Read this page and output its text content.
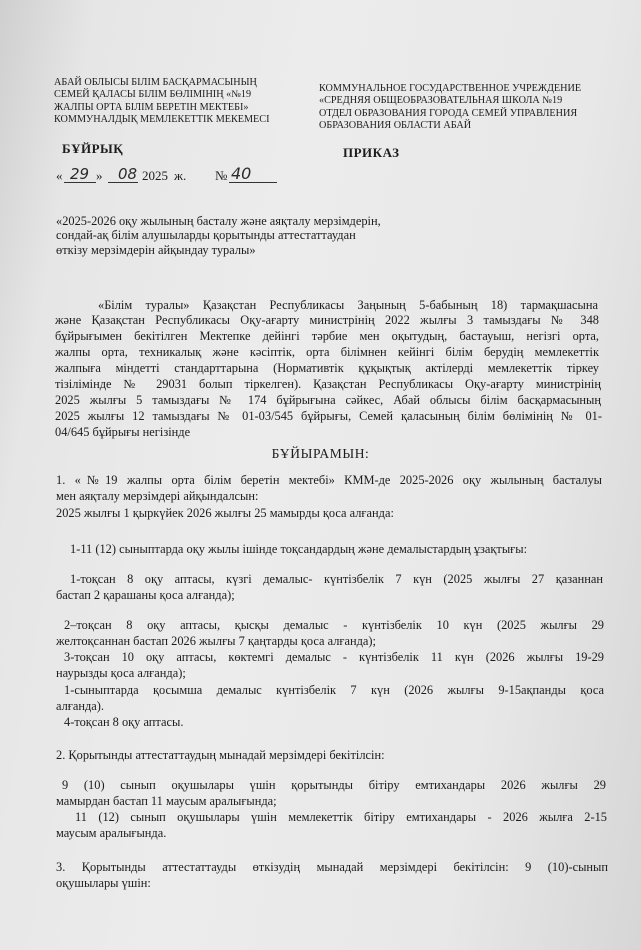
АБАЙ ОБЛЫСЫ БІЛІМ БАСҚАРМАСЫНЫҢ
СЕМЕЙ ҚАЛАСЫ БІЛІМ БӨЛІМІНІҢ «№19
ЖАЛПЫ ОРТА БІЛІМ БЕРЕТІН МЕКТЕБІ»
КОММУНАЛДЫҚ МЕМЛЕКЕТТІК МЕКЕМЕСІ
КОММУНАЛЬНОЕ ГОСУДАРСТВЕННОЕ УЧРЕЖДЕНИЕ
«СРЕДНЯЯ ОБЩЕОБРАЗОВАТЕЛЬНАЯ ШКОЛА №19
ОТДЕЛ ОБРАЗОВАНИЯ ГОРОДА СЕМЕЙ УПРАВЛЕНИЯ
ОБРАЗОВАНИЯ ОБЛАСТИ АБАЙ
БҰЙРЫҚ	ПРИКАЗ
« 29 » 08 2025 ж. № 40
«2025-2026 оқу жылының басталу және аяқталу мерзімдерін,
сондай-ақ білім алушыларды қорытынды аттестаттаудан
өткізу мерзімдерін айқындау туралы»
«Білім туралы» Қазақстан Республикасы Заңының 5-бабының 18) тармақшасына
және Қазақстан Республикасы Оқу-ағарту министрінің 2022 жылғы 3 тамыздағы № 348
бұйрығымен бекітілген Мектепке дейінгі тәрбие мен оқытудың, бастауыш, негізгі орта,
жалпы орта, техникалық және кәсіптік, орта білімнен кейінгі білім берудің мемлекеттік
жалпыға міндетті стандарттарына (Нормативтік құқықтық актілерді мемлекеттік тіркеу
тізілімінде № 29031 болып тіркелген). Қазақстан Республикасы Оқу-ағарту министрінің
2025 жылғы 5 тамыздағы № 174 бұйрығына сәйкес, Абай облысы білім басқармасының
2025 жылғы 12 тамыздағы № 01-03/545 бұйрығы, Семей қаласының білім бөлімінің № 01-
04/645 бұйрығы негізінде
БҰЙЫРАМЫН:
1. «№19 жалпы орта білім беретін мектебі» КММ-де 2025-2026 оқу жылының басталуы
мен аяқталу мерзімдері айқындалсын:
2025 жылғы 1 қыркүйек 2026 жылғы 25 мамырды қоса алғанда:
1-11 (12) сыныптарда оқу жылы ішінде тоқсандардың және демалыстардың ұзақтығы:
1-тоқсан 8 оқу аптасы, күзгі демалыс- күнтізбелік 7 күн (2025 жылғы 27 қазаннан
бастап 2 қарашаны қоса алғанда);
2–тоқсан 8 оқу аптасы, қысқы демалыс - күнтізбелік 10 күн (2025 жылғы 29
желтоқсаннан бастап 2026 жылғы 7 қаңтарды қоса алғанда);
3-тоқсан 10 оқу аптасы, көктемгі демалыс - күнтізбелік 11 күн (2026 жылғы 19-29
наурызды қоса алғанда);
1-сыныптарда қосымша демалыс күнтізбелік 7 күн (2026 жылғы 9-15ақпанды қоса
алғанда).
4-тоқсан 8 оқу аптасы.
2. Қорытынды аттестаттаудың мынадай мерзімдері бекітілсін:
9 (10) сынып оқушылары үшін қорытынды бітіру емтихандары 2026 жылғы 29
мамырдан бастап 11 маусым аралығында;
11 (12) сынып оқушылары үшін мемлекеттік бітіру емтихандары - 2026 жылға 2-15
маусым аралығында.
3. Қорытынды аттестаттауды өткізудің мынадай мерзімдері бекітілсін: 9 (10)-сынып
оқушылары үшін:
